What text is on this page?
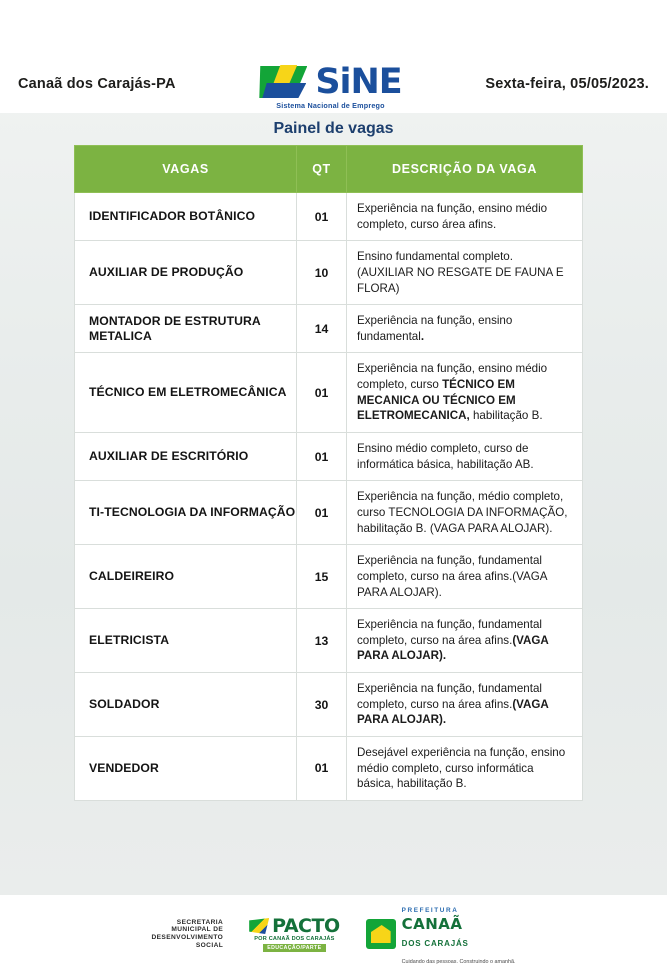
Canaã dos Carajás-PA	SiNE
Sistema Nacional de Emprego
Sexta-feira, 05/05/2023.
Painel de vagas
VAGAS	QT	DESCRIÇÃO DA VAGA
IDENTIFICADOR BOTÂNICO	01	Experiência na função, ensino médio completo, curso área afins.
AUXILIAR DE PRODUÇÃO	10	Ensino fundamental completo.
(AUXILIAR NO RESGATE DE FAUNA E FLORA)
MONTADOR DE ESTRUTURA METALICA	14	Experiência na função, ensino fundamental.
TÉCNICO EM ELETROMECÂNICA	01	Experiência na função, ensino médio completo, curso TÉCNICO EM MECANICA OU TÉCNICO EM ELETROMECANICA, habilitação B.
AUXILIAR DE ESCRITÓRIO	01	Ensino médio completo, curso de informática básica, habilitação AB.
TI-TECNOLOGIA DA INFORMAÇÃO	01	Experiência na função, médio completo, curso TECNOLOGIA DA INFORMAÇÃO, habilitação B. (VAGA PARA ALOJAR).
CALDEIREIRO	15	Experiência na função, fundamental completo, curso na área afins.(VAGA PARA ALOJAR).
ELETRICISTA	13	Experiência na função, fundamental completo, curso na área afins.(VAGA PARA ALOJAR).
SOLDADOR	30	Experiência na função, fundamental completo, curso na área afins.(VAGA PARA ALOJAR).
VENDEDOR	01	Desejável experiência na função, ensino médio completo, curso informática básica, habilitação B.
SECRETARIA
MUNICIPAL DE
DESENVOLVIMENTO
SOCIAL
PACTO
POR CANAÃ DOS CARAJÁS
EDUCAÇÃO/PARTE
PREFEITURA
CANAÃ
DOS CARAJÁS
Cuidando das pessoas. Construindo o amanhã.
